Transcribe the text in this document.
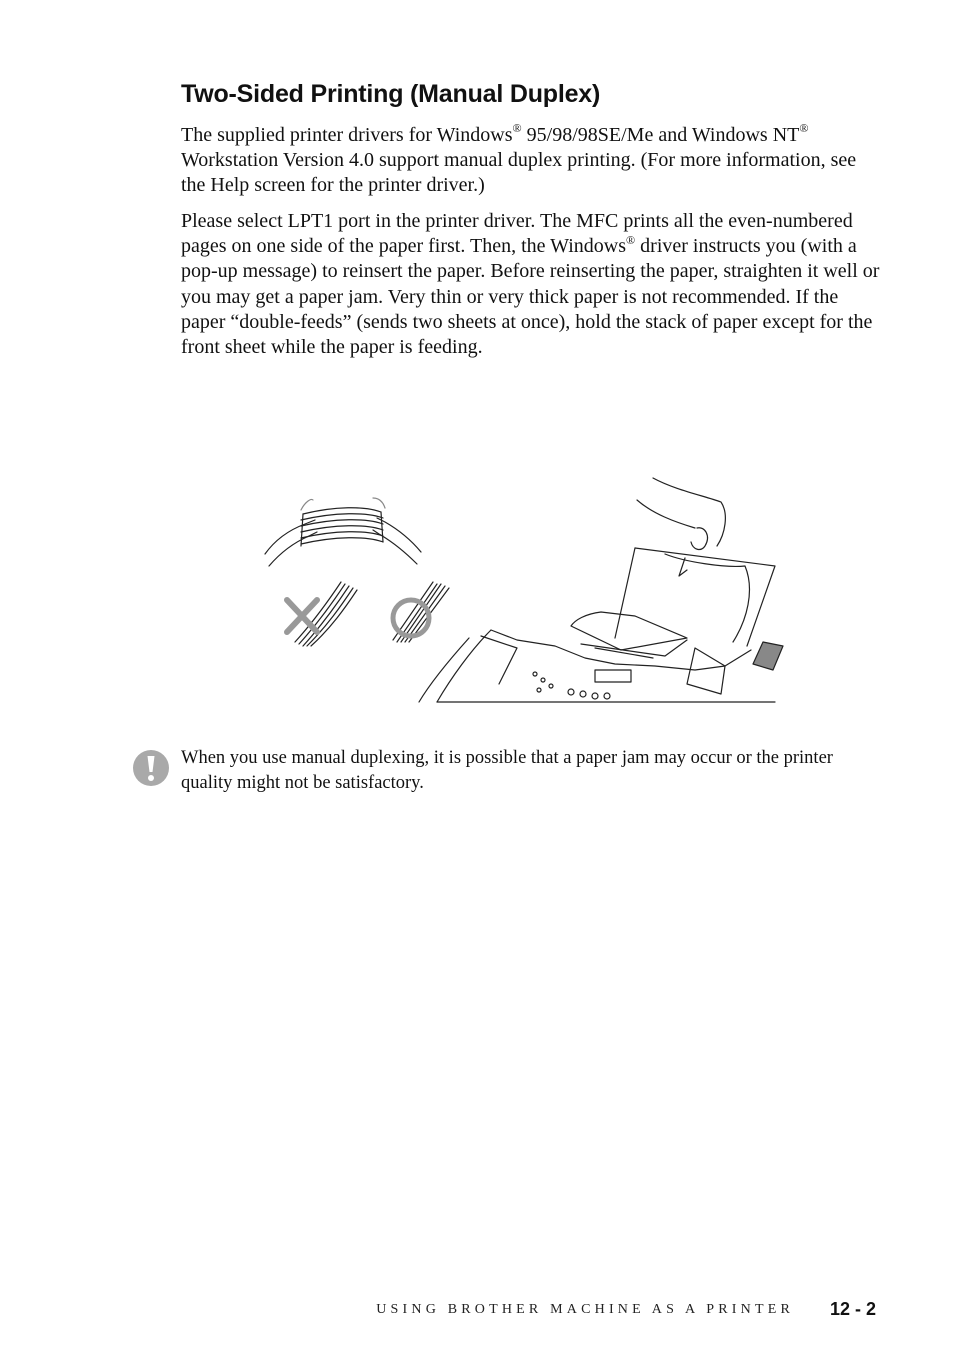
Two-Sided Printing (Manual Duplex)

The supplied printer drivers for Windows® 95/98/98SE/Me and Windows NT® Workstation Version 4.0 support manual duplex printing. (For more information, see the Help screen for the printer driver.)

Please select LPT1 port in the printer driver. The MFC prints all the even-numbered pages on one side of the paper first. Then, the Windows® driver instructs you (with a pop-up message) to reinsert the paper. Before reinserting the paper, straighten it well or you may get a paper jam. Very thin or very thick paper is not recommended. If the paper “double-feeds” (sends two sheets at once), hold the stack of paper except for the front sheet while the paper is feeding.

When you use manual duplexing, it is possible that a paper jam may occur or the printer quality might not be satisfactory.

USING BROTHER MACHINE AS A PRINTER 12 - 2
